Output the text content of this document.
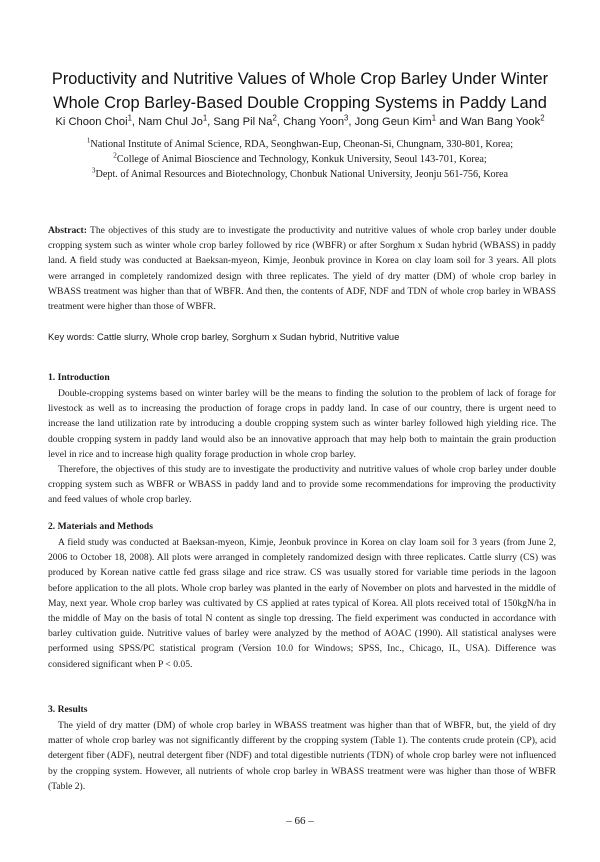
Productivity and Nutritive Values of Whole Crop Barley Under Winter
Whole Crop Barley-Based Double Cropping Systems in Paddy Land
Ki Choon Choi$^1$, Nam Chul Jo$^1$, Sang Pil Na$^2$, Chang Yoon$^3$, Jong Geun Kim$^1$ and Wan Bang Yook$^2$
$^1$National Institute of Animal Science, RDA, Seonghwan-Eup, Cheonan-Si, Chungnam, 330-801, Korea;
$^2$College of Animal Bioscience and Technology, Konkuk University, Seoul 143-701, Korea;
$^3$Dept. of Animal Resources and Biotechnology, Chonbuk National University, Jeonju 561-756, Korea
Abstract: The objectives of this study are to investigate the productivity and nutritive values of whole crop barley under double cropping system such as winter whole crop barley followed by rice (WBFR) or after Sorghum x Sudan hybrid (WBASS) in paddy land. A field study was conducted at Baeksan-myeon, Kimje, Jeonbuk province in Korea on clay loam soil for 3 years. All plots were arranged in completely randomized design with three replicates. The yield of dry matter (DM) of whole crop barley in WBASS treatment was higher than that of WBFR. And then, the contents of ADF, NDF and TDN of whole crop barley in WBASS treatment were higher than those of WBFR.
Key words: Cattle slurry, Whole crop barley, Sorghum x Sudan hybrid, Nutritive value
1. Introduction

Double-cropping systems based on winter barley will be the means to finding the solution to the problem of lack of forage for livestock as well as to increasing the production of forage crops in paddy land. In case of our country, there is urgent need to increase the land utilization rate by introducing a double cropping system such as winter barley followed high yielding rice. The double cropping system in paddy land would also be an innovative approach that may help both to maintain the grain production level in rice and to increase high quality forage production in whole crop barley.

Therefore, the objectives of this study are to investigate the productivity and nutritive values of whole crop barley under double cropping system such as WBFR or WBASS in paddy land and to provide some recommendations for improving the productivity and feed values of whole crop barley.

2. Materials and Methods

A field study was conducted at Baeksan-myeon, Kimje, Jeonbuk province in Korea on clay loam soil for 3 years (from June 2, 2006 to October 18, 2008). All plots were arranged in completely randomized design with three replicates. Cattle slurry (CS) was produced by Korean native cattle fed grass silage and rice straw. CS was usually stored for variable time periods in the lagoon before application to the all plots. Whole crop barley was planted in the early of November on plots and harvested in the middle of May, next year. Whole crop barley was cultivated by CS applied at rates typical of Korea. All plots received total of 150kgN/ha in the middle of May on the basis of total N content as single top dressing. The field experiment was conducted in accordance with barley cultivation guide. Nutritive values of barley were analyzed by the method of AOAC (1990). All statistical analyses were performed using SPSS/PC statistical program (Version 10.0 for Windows; SPSS, Inc., Chicago, IL, USA). Difference was considered significant when P < 0.05.

3. Results

The yield of dry matter (DM) of whole crop barley in WBASS treatment was higher than that of WBFR, but, the yield of dry matter of whole crop barley was not significantly different by the cropping system (Table 1). The contents crude protein (CP), acid detergent fiber (ADF), neutral detergent fiber (NDF) and total digestible nutrients (TDN) of whole crop barley were not influenced by the cropping system. However, all nutrients of whole crop barley in WBASS treatment were was higher than those of WBFR (Table 2).

– 66 –
